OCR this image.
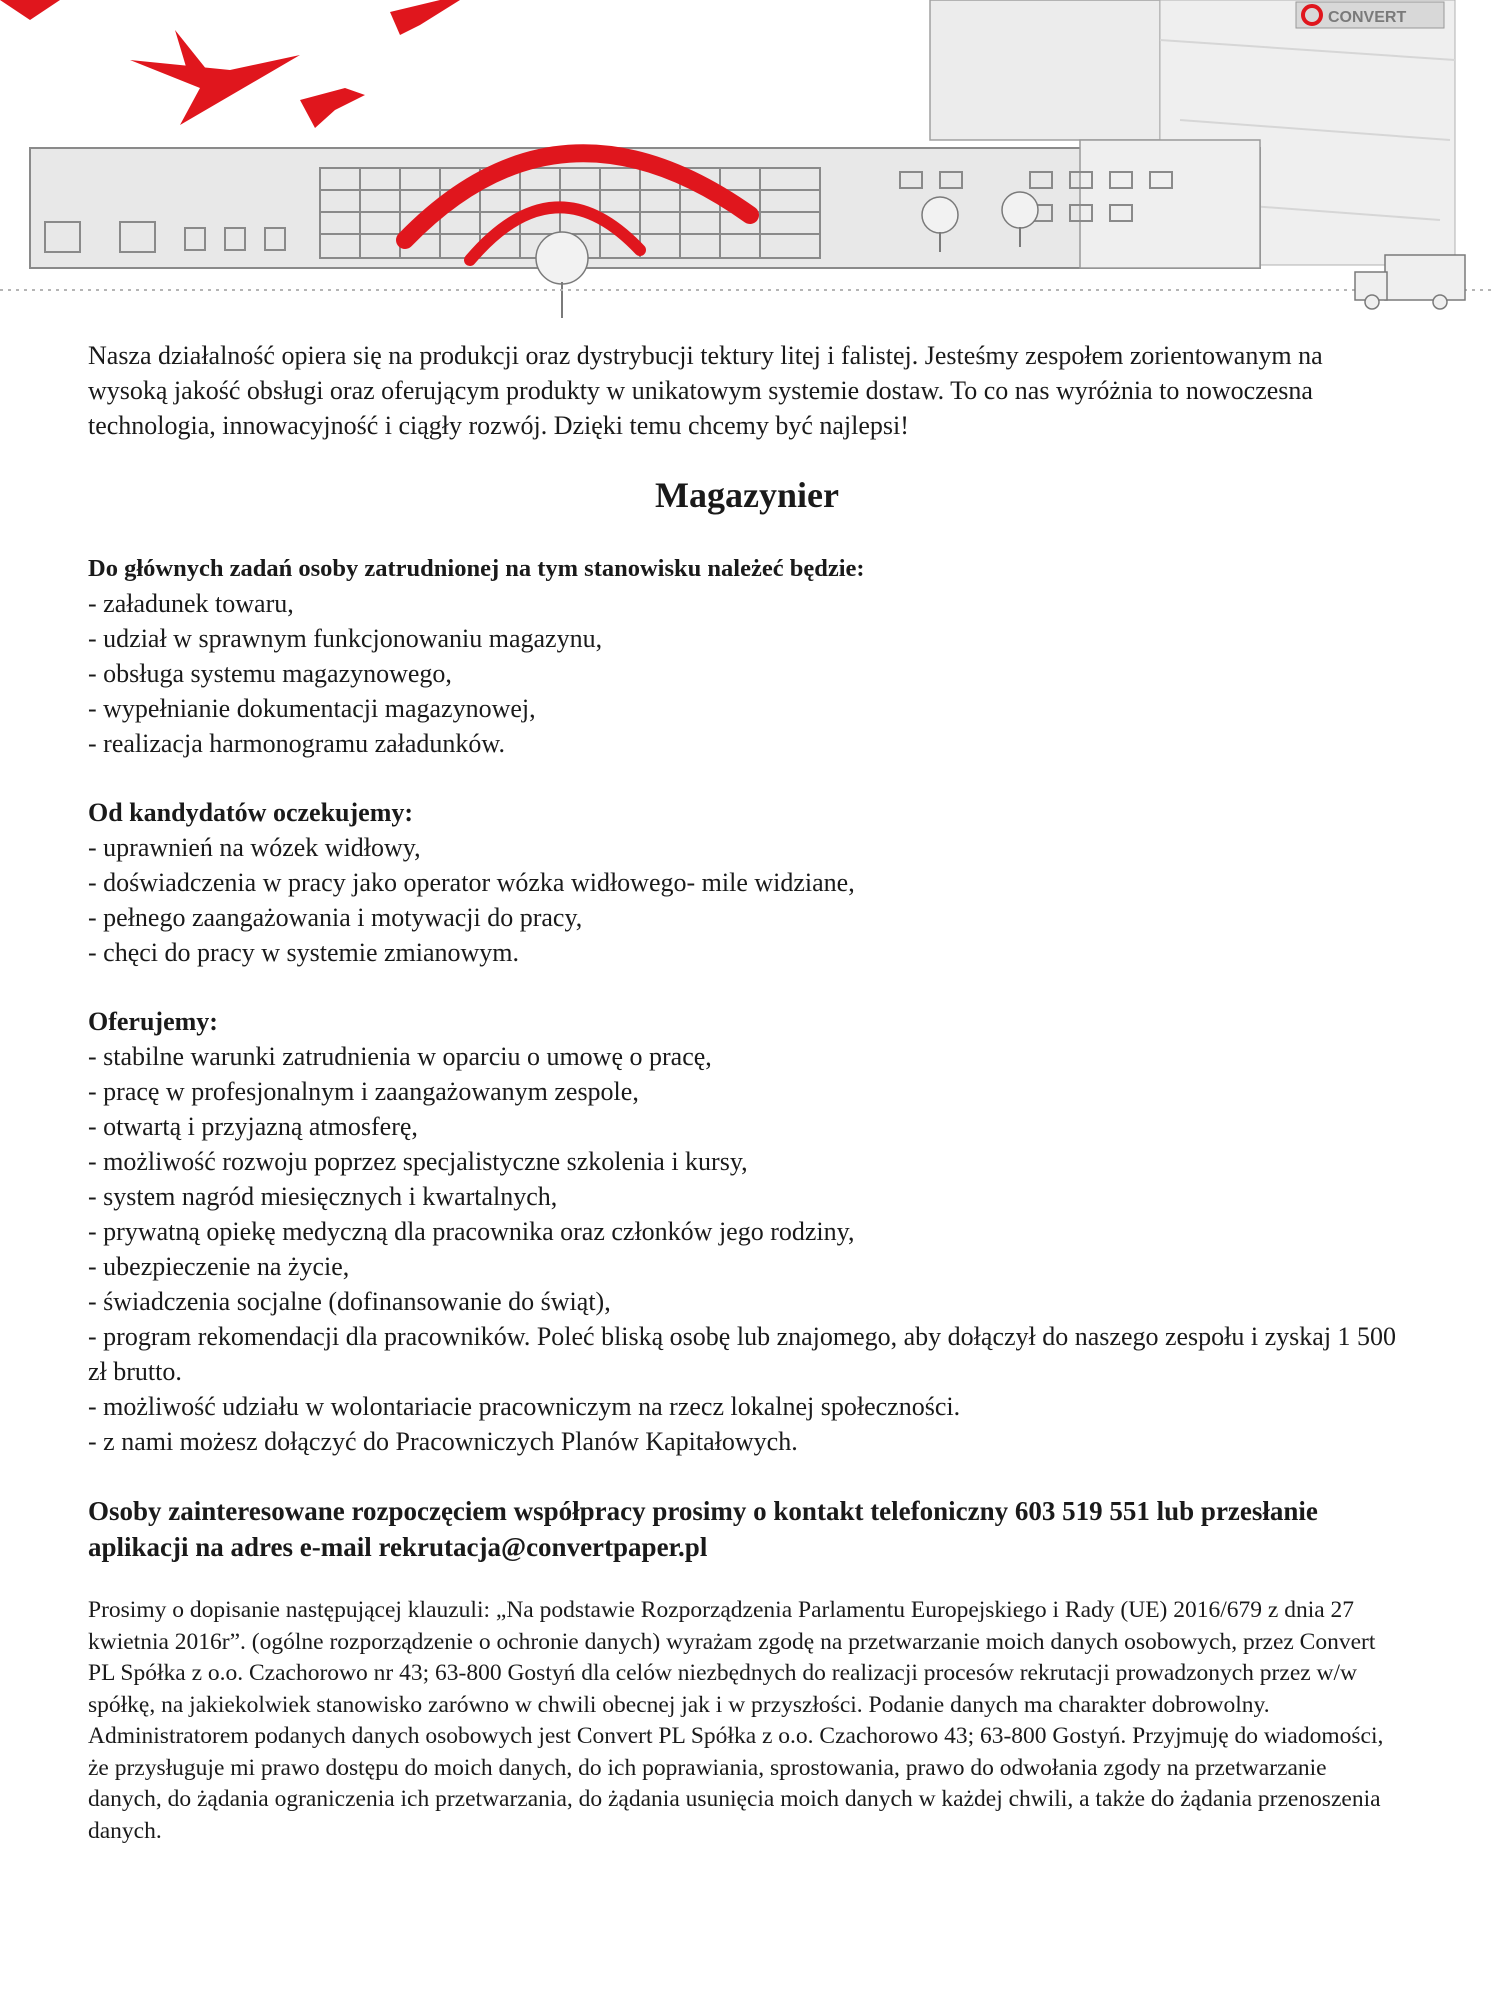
CONVERT

Nasza działalność opiera się na produkcji oraz dystrybucji tektury litej i falistej. Jesteśmy zespołem zorientowanym na wysoką jakość obsługi oraz oferującym produkty w unikatowym systemie dostaw. To co nas wyróżnia to nowoczesna technologia, innowacyjność i ciągły rozwój. Dzięki temu chcemy być najlepsi!

Magazynier

Do głównych zadań osoby zatrudnionej na tym stanowisku należeć będzie:

- załadunek towaru,
- udział w sprawnym funkcjonowaniu magazynu,
- obsługa systemu magazynowego,
- wypełnianie dokumentacji magazynowej,
- realizacja harmonogramu załadunków.

Od kandydatów oczekujemy:

- uprawnień na wózek widłowy,
- doświadczenia w pracy jako operator wózka widłowego- mile widziane,
- pełnego zaangażowania i motywacji do pracy,
- chęci do pracy w systemie zmianowym.

Oferujemy:

- stabilne warunki zatrudnienia w oparciu o umowę o pracę,
- pracę w profesjonalnym i zaangażowanym zespole,
- otwartą i przyjazną atmosferę,
- możliwość rozwoju poprzez specjalistyczne szkolenia i kursy,
- system nagród miesięcznych i kwartalnych,
- prywatną opiekę medyczną dla pracownika oraz członków jego rodziny,
- ubezpieczenie na życie,
- świadczenia socjalne (dofinansowanie do świąt),
- program rekomendacji dla pracowników. Poleć bliską osobę lub znajomego, aby dołączył do naszego zespołu i zyskaj 1 500 zł brutto.
- możliwość udziału w wolontariacie pracowniczym na rzecz lokalnej społeczności.
- z nami możesz dołączyć do Pracowniczych Planów Kapitałowych.

Osoby zainteresowane rozpoczęciem współpracy prosimy o kontakt telefoniczny 603 519 551 lub przesłanie aplikacji na adres e-mail rekrutacja@convertpaper.pl

Prosimy o dopisanie następującej klauzuli: „Na podstawie Rozporządzenia Parlamentu Europejskiego i Rady (UE) 2016/679 z dnia 27 kwietnia 2016r”. (ogólne rozporządzenie o ochronie danych) wyrażam zgodę na przetwarzanie moich danych osobowych, przez Convert PL Spółka z o.o. Czachorowo nr 43; 63-800 Gostyń dla celów niezbędnych do realizacji procesów rekrutacji prowadzonych przez w/w spółkę, na jakiekolwiek stanowisko zarówno w chwili obecnej jak i w przyszłości. Podanie danych ma charakter dobrowolny. Administratorem podanych danych osobowych jest Convert PL Spółka z o.o. Czachorowo 43; 63-800 Gostyń. Przyjmuję do wiadomości, że przysługuje mi prawo dostępu do moich danych, do ich poprawiania, sprostowania, prawo do odwołania zgody na przetwarzanie danych, do żądania ograniczenia ich przetwarzania, do żądania usunięcia moich danych w każdej chwili, a także do żądania przenoszenia danych.
